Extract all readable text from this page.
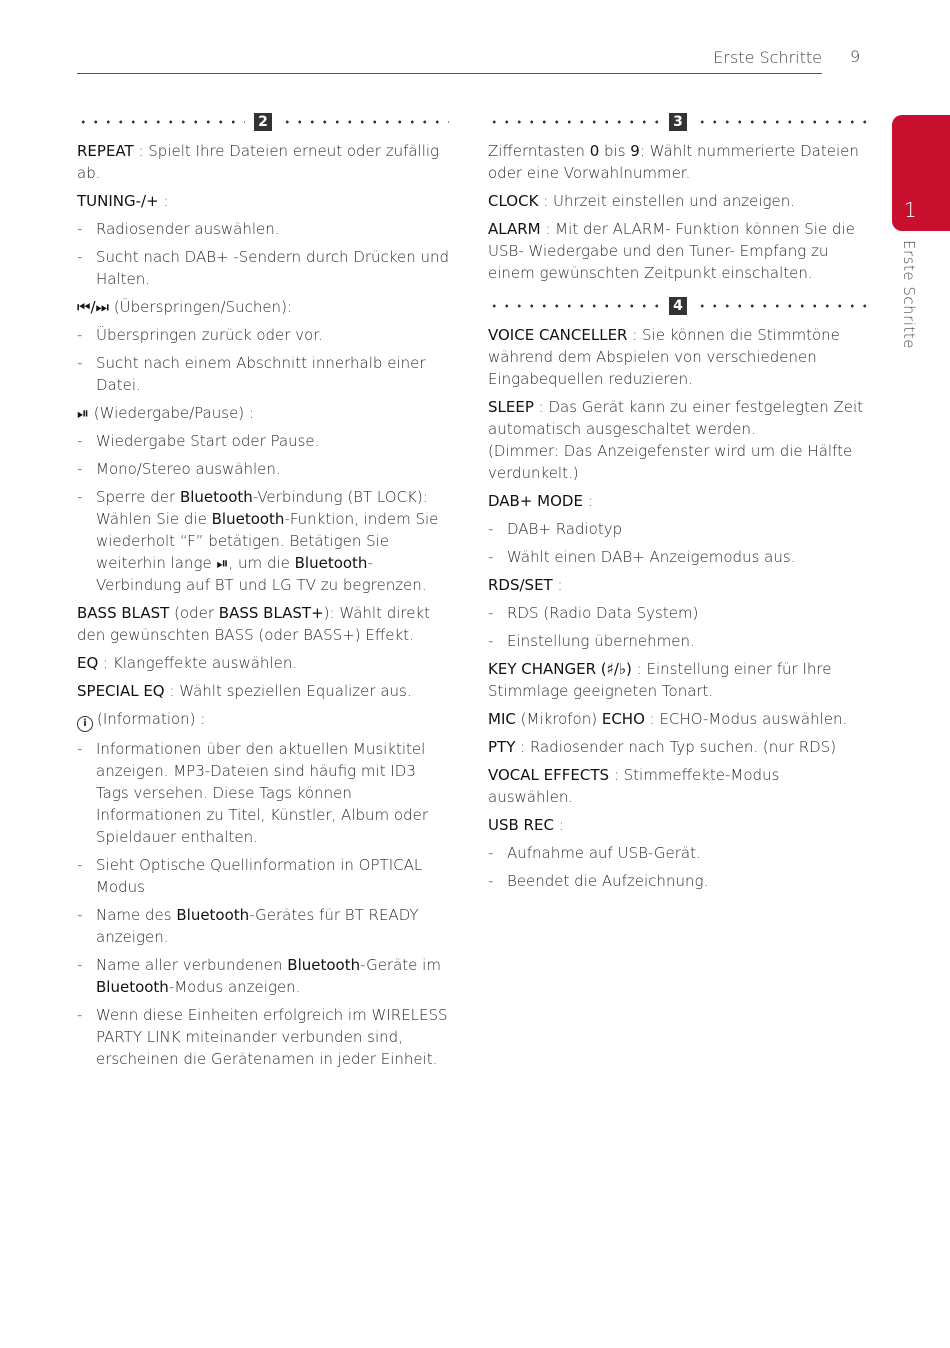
Erste Schritte 9
1
Erste Schritte
2

REPEAT : Spielt Ihre Dateien erneut oder zufällig ab.

TUNING-/+ :

- Radiosender auswählen.
- Sucht nach DAB+ -Sendern durch Drücken und Halten.

⏮/⏭ (Überspringen/Suchen):

- Überspringen zurück oder vor.
- Sucht nach einem Abschnitt innerhalb einer Datei.

⏯ (Wiedergabe/Pause) :

- Wiedergabe Start oder Pause.
- Mono/Stereo auswählen.
- Sperre der Bluetooth-Verbindung (BT LOCK): Wählen Sie die Bluetooth-Funktion, indem Sie wiederholt “F” betätigen. Betätigen Sie weiterhin lange ⏯, um die Bluetooth-Verbindung auf BT und LG TV zu begrenzen.

BASS BLAST (oder BASS BLAST+): Wählt direkt den gewünschten BASS (oder BASS+) Effekt.

EQ : Klangeffekte auswählen.

SPECIAL EQ : Wählt speziellen Equalizer aus.

i (Information) :

- Informationen über den aktuellen Musiktitel anzeigen. MP3-Dateien sind häufig mit ID3 Tags versehen. Diese Tags können Informationen zu Titel, Künstler, Album oder Spieldauer enthalten.
- Sieht Optische Quellinformation in OPTICAL Modus
- Name des Bluetooth-Gerätes für BT READY anzeigen.
- Name aller verbundenen Bluetooth-Geräte im Bluetooth-Modus anzeigen.
- Wenn diese Einheiten erfolgreich im WIRELESS PARTY LINK miteinander verbunden sind, erscheinen die Gerätenamen in jeder Einheit.
3

Zifferntasten 0 bis 9: Wählt nummerierte Dateien oder eine Vorwahlnummer.

CLOCK : Uhrzeit einstellen und anzeigen.

ALARM : Mit der ALARM- Funktion können Sie die USB- Wiedergabe und den Tuner- Empfang zu einem gewünschten Zeitpunkt einschalten.

4

VOICE CANCELLER : Sie können die Stimmtöne während dem Abspielen von verschiedenen Eingabequellen reduzieren.

SLEEP : Das Gerät kann zu einer festgelegten Zeit automatisch ausgeschaltet werden.
(Dimmer: Das Anzeigefenster wird um die Hälfte verdunkelt.)

DAB+ MODE :

- DAB+ Radiotyp
- Wählt einen DAB+ Anzeigemodus aus.

RDS/SET :

- RDS (Radio Data System)
- Einstellung übernehmen.

KEY CHANGER (♯/♭) : Einstellung einer für Ihre Stimmlage geeigneten Tonart.

MIC (Mikrofon) ECHO : ECHO-Modus auswählen.

PTY : Radiosender nach Typ suchen. (nur RDS)

VOCAL EFFECTS : Stimmeffekte-Modus auswählen.

USB REC :

- Aufnahme auf USB-Gerät.
- Beendet die Aufzeichnung.
